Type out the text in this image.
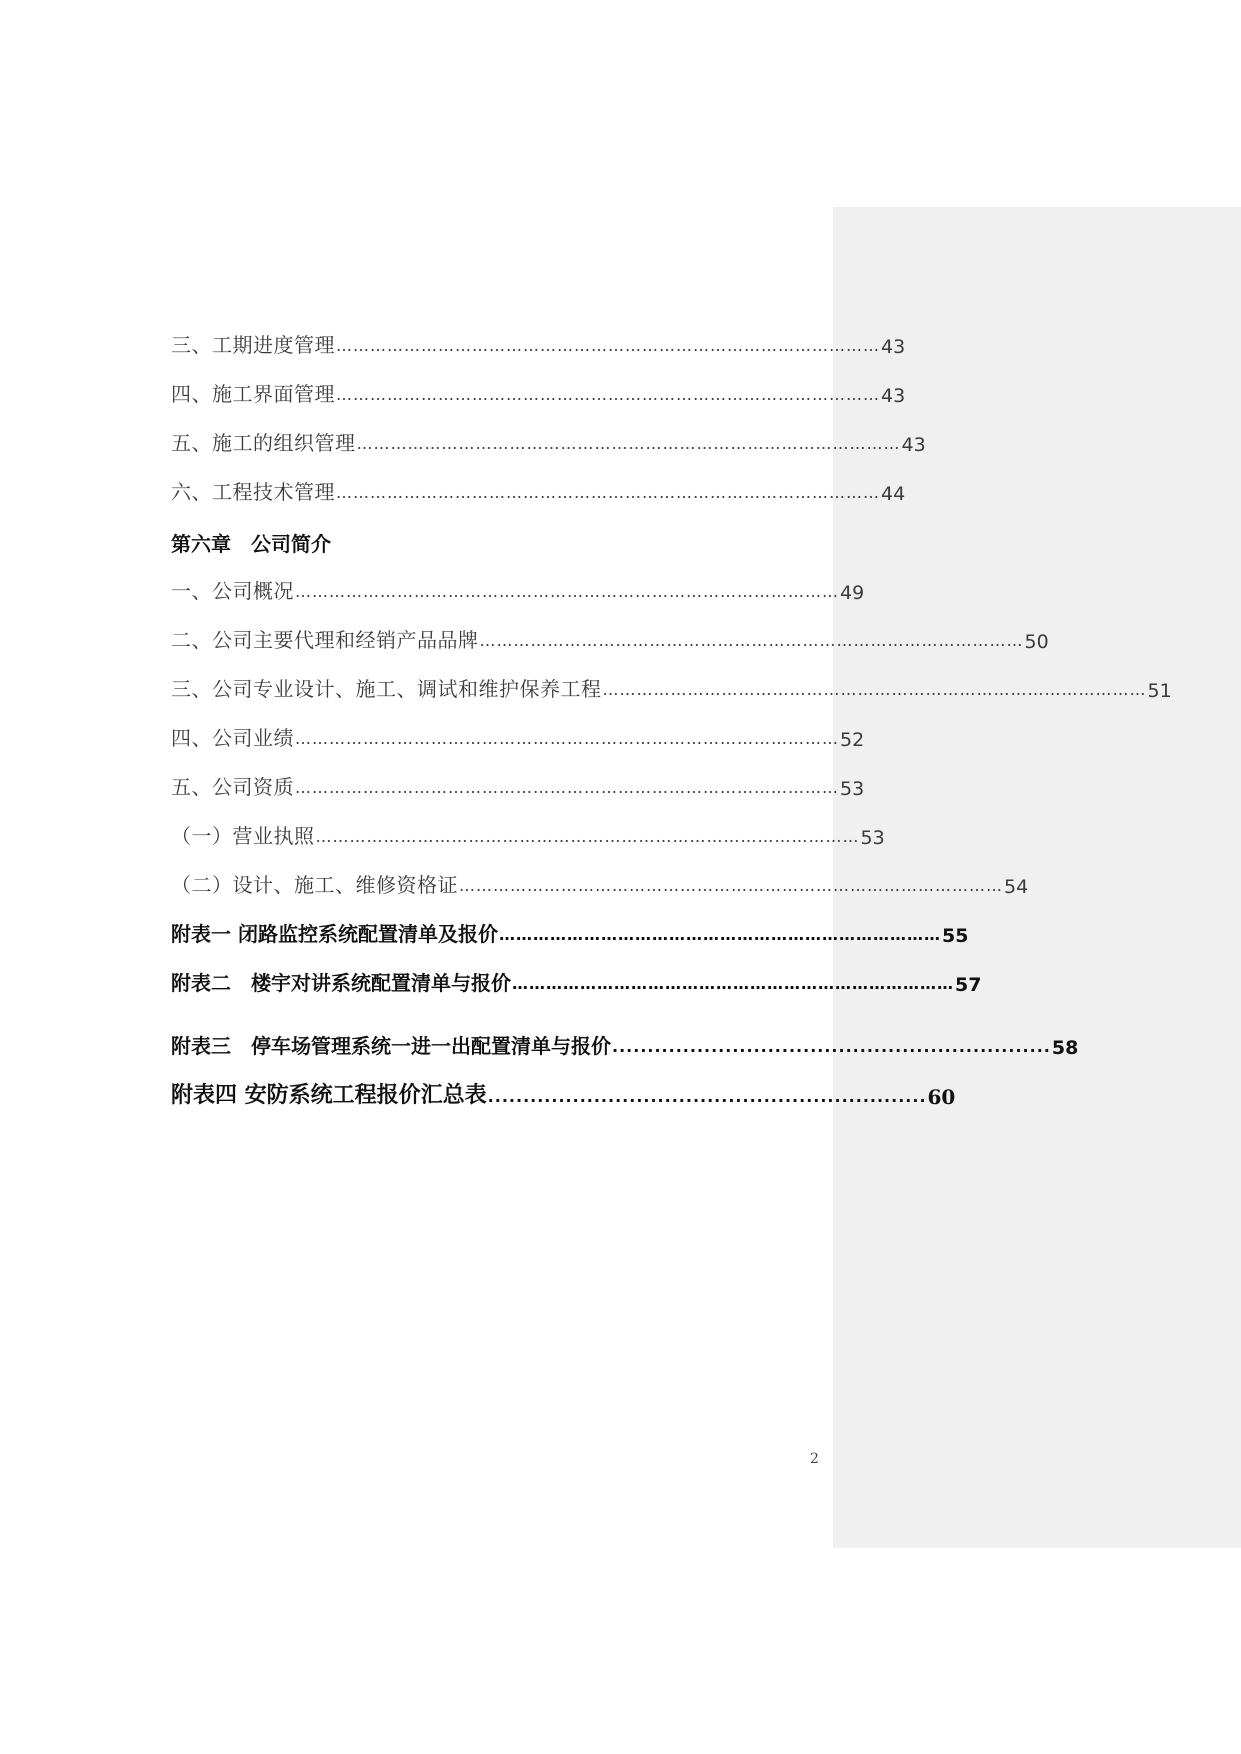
三、工期进度管理 …………………………………………………………………………………… 43
四、施工界面管理 …………………………………………………………………………………… 43
五、施工的组织管理 …………………………………………………………………………………… 43
六、工程技术管理 …………………………………………………………………………………… 44
第六章　公司简介
一、公司概况 …………………………………………………………………………………… 49
二、公司主要代理和经销产品品牌 …………………………………………………………………………………… 50
三、公司专业设计、施工、调试和维护保养工程 …………………………………………………………………………………… 51
四、公司业绩 …………………………………………………………………………………… 52
五、公司资质 …………………………………………………………………………………… 53
（一）营业执照 …………………………………………………………………………………… 53
（二）设计、施工、维修资格证 …………………………………………………………………………………… 54
附表一 闭路监控系统配置清单及报价 …………………………………………………………………… 55
附表二　楼宇对讲系统配置清单与报价 …………………………………………………………………… 57
附表三　停车场管理系统一进一出配置清单与报价 .............................................................. 58
附表四 安防系统工程报价汇总表 .............................................................. 60
2
